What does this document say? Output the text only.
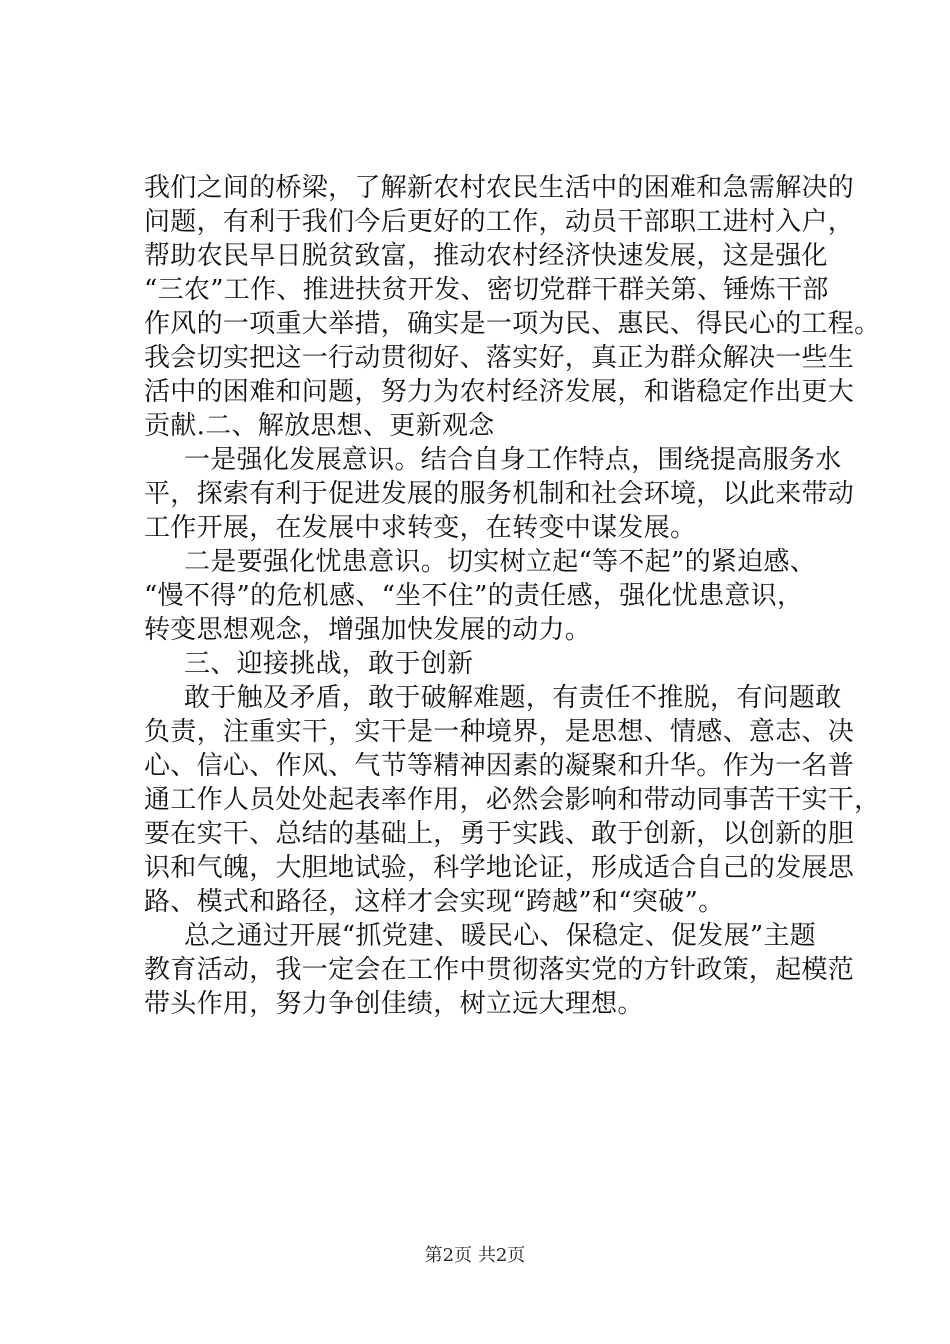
我们之间的桥梁，了解新农村农民生活中的困难和急需解决的
问题，有利于我们今后更好的工作，动员干部职工进村入户，
帮助农民早日脱贫致富，推动农村经济快速发展，这是强化
“三农”工作、推进扶贫开发、密切党群干群关第、锤炼干部
作风的一项重大举措，确实是一项为民、惠民、得民心的工程。
我会切实把这一行动贯彻好、落实好，真正为群众解决一些生
活中的困难和问题，努力为农村经济发展，和谐稳定作出更大
贡献.二、解放思想、更新观念
一是强化发展意识。结合自身工作特点，围绕提高服务水
平，探索有利于促进发展的服务机制和社会环境，以此来带动
工作开展，在发展中求转变，在转变中谋发展。
二是要强化忧患意识。切实树立起“等不起”的紧迫感、
“慢不得”的危机感、“坐不住”的责任感，强化忧患意识，
转变思想观念，增强加快发展的动力。
三、迎接挑战，敢于创新
敢于触及矛盾，敢于破解难题，有责任不推脱，有问题敢
负责，注重实干，实干是一种境界，是思想、情感、意志、决
心、信心、作风、气节等精神因素的凝聚和升华。作为一名普
通工作人员处处起表率作用，必然会影响和带动同事苦干实干，
要在实干、总结的基础上，勇于实践、敢于创新，以创新的胆
识和气魄，大胆地试验，科学地论证，形成适合自己的发展思
路、模式和路径，这样才会实现“跨越”和“突破”。
总之通过开展“抓党建、暖民心、保稳定、促发展”主题
教育活动，我一定会在工作中贯彻落实党的方针政策，起模范
带头作用，努力争创佳绩，树立远大理想。
第2页 共2页
